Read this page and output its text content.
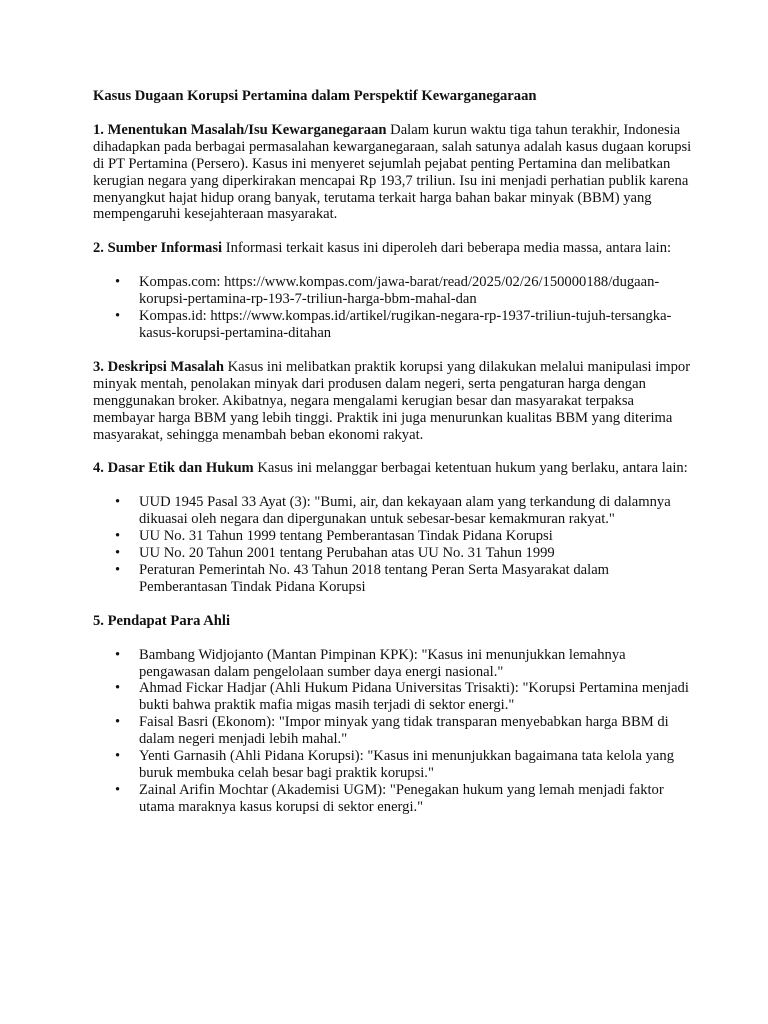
Kasus Dugaan Korupsi Pertamina dalam Perspektif Kewarganegaraan

1. Menentukan Masalah/Isu Kewarganegaraan Dalam kurun waktu tiga tahun terakhir, Indonesia dihadapkan pada berbagai permasalahan kewarganegaraan, salah satunya adalah kasus dugaan korupsi di PT Pertamina (Persero). Kasus ini menyeret sejumlah pejabat penting Pertamina dan melibatkan kerugian negara yang diperkirakan mencapai Rp 193,7 triliun. Isu ini menjadi perhatian publik karena menyangkut hajat hidup orang banyak, terutama terkait harga bahan bakar minyak (BBM) yang mempengaruhi kesejahteraan masyarakat.

2. Sumber Informasi Informasi terkait kasus ini diperoleh dari beberapa media massa, antara lain:

• Kompas.com: https://www.kompas.com/jawa-barat/read/2025/02/26/150000188/dugaan-korupsi-pertamina-rp-193-7-triliun-harga-bbm-mahal-dan
• Kompas.id: https://www.kompas.id/artikel/rugikan-negara-rp-1937-triliun-tujuh-tersangka-kasus-korupsi-pertamina-ditahan

3. Deskripsi Masalah Kasus ini melibatkan praktik korupsi yang dilakukan melalui manipulasi impor minyak mentah, penolakan minyak dari produsen dalam negeri, serta pengaturan harga dengan menggunakan broker. Akibatnya, negara mengalami kerugian besar dan masyarakat terpaksa membayar harga BBM yang lebih tinggi. Praktik ini juga menurunkan kualitas BBM yang diterima masyarakat, sehingga menambah beban ekonomi rakyat.

4. Dasar Etik dan Hukum Kasus ini melanggar berbagai ketentuan hukum yang berlaku, antara lain:

• UUD 1945 Pasal 33 Ayat (3): "Bumi, air, dan kekayaan alam yang terkandung di dalamnya dikuasai oleh negara dan dipergunakan untuk sebesar-besar kemakmuran rakyat."
• UU No. 31 Tahun 1999 tentang Pemberantasan Tindak Pidana Korupsi
• UU No. 20 Tahun 2001 tentang Perubahan atas UU No. 31 Tahun 1999
• Peraturan Pemerintah No. 43 Tahun 2018 tentang Peran Serta Masyarakat dalam Pemberantasan Tindak Pidana Korupsi

5. Pendapat Para Ahli

• Bambang Widjojanto (Mantan Pimpinan KPK): "Kasus ini menunjukkan lemahnya pengawasan dalam pengelolaan sumber daya energi nasional."
• Ahmad Fickar Hadjar (Ahli Hukum Pidana Universitas Trisakti): "Korupsi Pertamina menjadi bukti bahwa praktik mafia migas masih terjadi di sektor energi."
• Faisal Basri (Ekonom): "Impor minyak yang tidak transparan menyebabkan harga BBM di dalam negeri menjadi lebih mahal."
• Yenti Garnasih (Ahli Pidana Korupsi): "Kasus ini menunjukkan bagaimana tata kelola yang buruk membuka celah besar bagi praktik korupsi."
• Zainal Arifin Mochtar (Akademisi UGM): "Penegakan hukum yang lemah menjadi faktor utama maraknya kasus korupsi di sektor energi."
